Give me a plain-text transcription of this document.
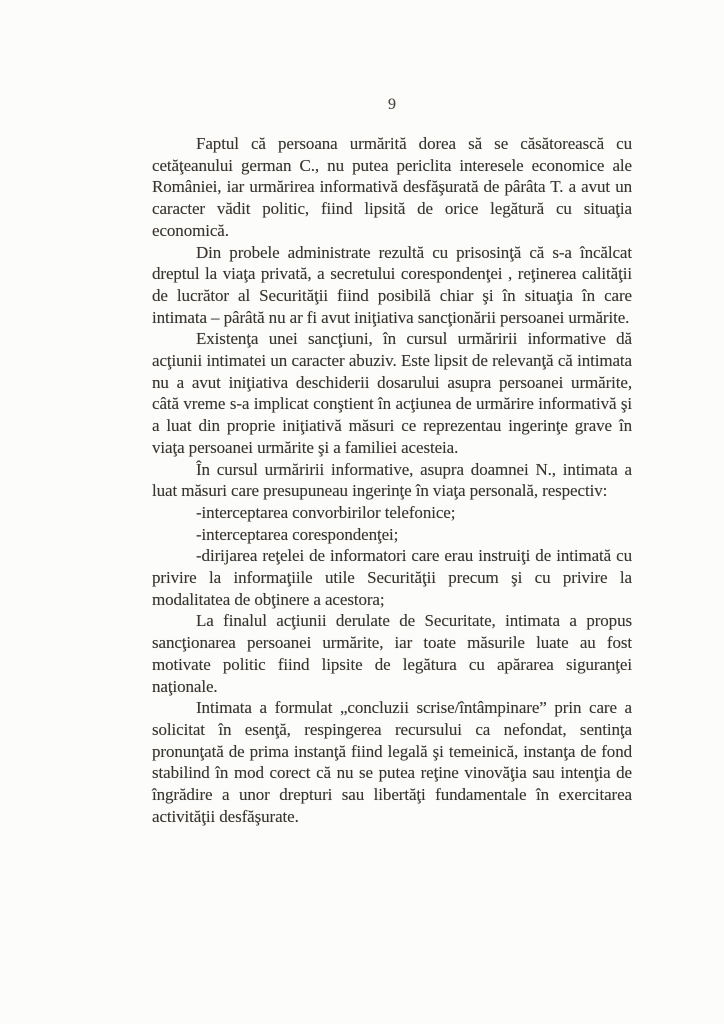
9

Faptul că persoana urmărită dorea să se căsătorească cu cetăţeanului german C., nu putea periclita interesele economice ale României, iar urmărirea informativă desfăşurată de pârâta T. a avut un caracter vădit politic, fiind lipsită de orice legătură cu situaţia economică.

Din probele administrate rezultă cu prisosinţă că s-a încălcat dreptul la viaţa privată, a secretului corespondenţei , reţinerea calităţii de lucrător al Securităţii fiind posibilă chiar şi în situaţia în care intimata – pârâtă nu ar fi avut iniţiativa sancţionării persoanei urmărite.

Existenţa unei sancţiuni, în cursul urmăririi informative dă acţiunii intimatei un caracter abuziv. Este lipsit de relevanţă că intimata nu a avut iniţiativa deschiderii dosarului asupra persoanei urmărite, câtă vreme s-a implicat conştient în acţiunea de urmărire informativă şi a luat din proprie iniţiativă măsuri ce reprezentau ingerinţe grave în viaţa persoanei urmărite şi a familiei acesteia.

În cursul urmăririi informative, asupra doamnei N., intimata a luat măsuri care presupuneau ingerinţe în viaţa personală, respectiv:

-interceptarea convorbirilor telefonice;

-interceptarea corespondenţei;

-dirijarea reţelei de informatori care erau instruiţi de intimată cu privire la informaţiile utile Securităţii precum şi cu privire la modalitatea de obţinere a acestora;

La finalul acţiunii derulate de Securitate, intimata a propus sancţionarea persoanei urmărite, iar toate măsurile luate au fost motivate politic fiind lipsite de legătura cu apărarea siguranţei naţionale.

Intimata a formulat „concluzii scrise/întâmpinare” prin care a solicitat în esenţă, respingerea recursului ca nefondat, sentinţa pronunţată de prima instanţă fiind legală şi temeinică, instanţa de fond stabilind în mod corect că nu se putea reţine vinovăţia sau intenţia de îngrădire a unor drepturi sau libertăţi fundamentale în exercitarea activităţii desfăşurate.
